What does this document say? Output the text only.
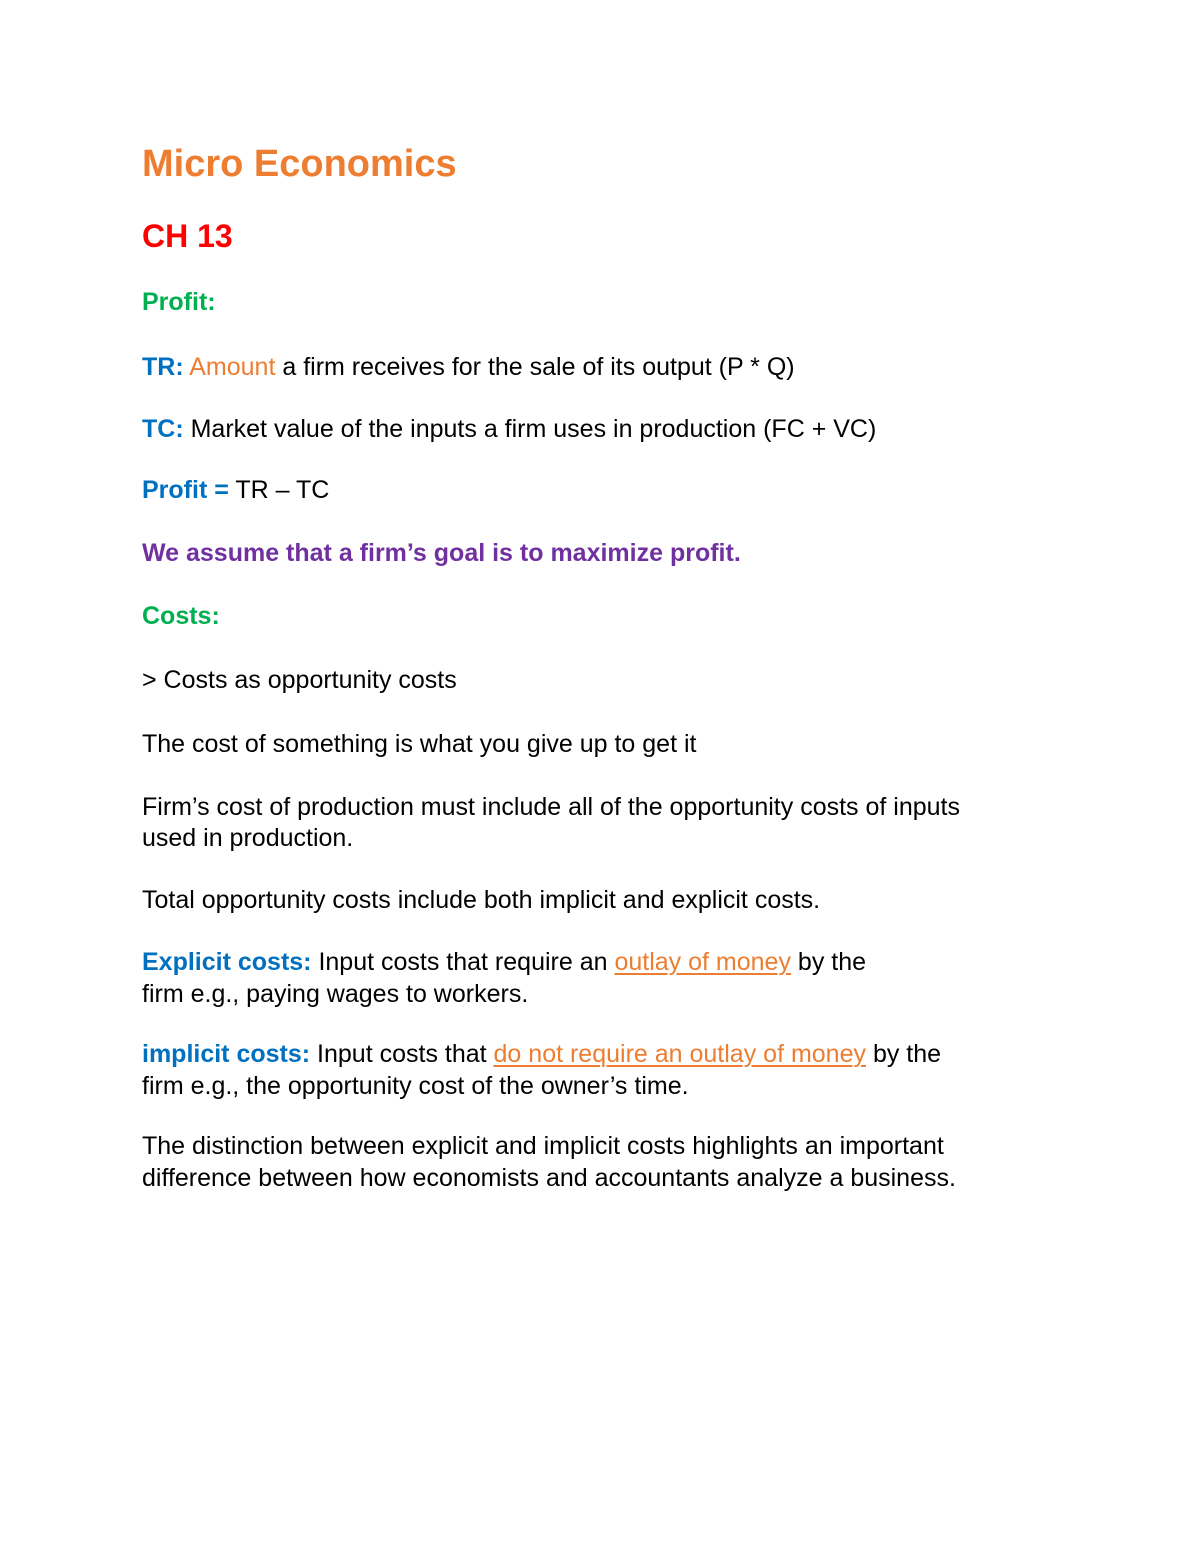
Micro Economics
CH 13

Profit:

TR: Amount a firm receives for the sale of its output (P * Q)

TC: Market value of the inputs a firm uses in production (FC + VC)

Profit = TR – TC

We assume that a firm’s goal is to maximize profit.

Costs:

> Costs as opportunity costs

The cost of something is what you give up to get it

Firm’s cost of production must include all of the opportunity costs of inputs

used in production.

Total opportunity costs include both implicit and explicit costs.

Explicit costs: Input costs that require an outlay of money by the

firm e.g., paying wages to workers.

implicit costs: Input costs that do not require an outlay of money by the

firm e.g., the opportunity cost of the owner’s time.

The distinction between explicit and implicit costs highlights an important

difference between how economists and accountants analyze a business.
